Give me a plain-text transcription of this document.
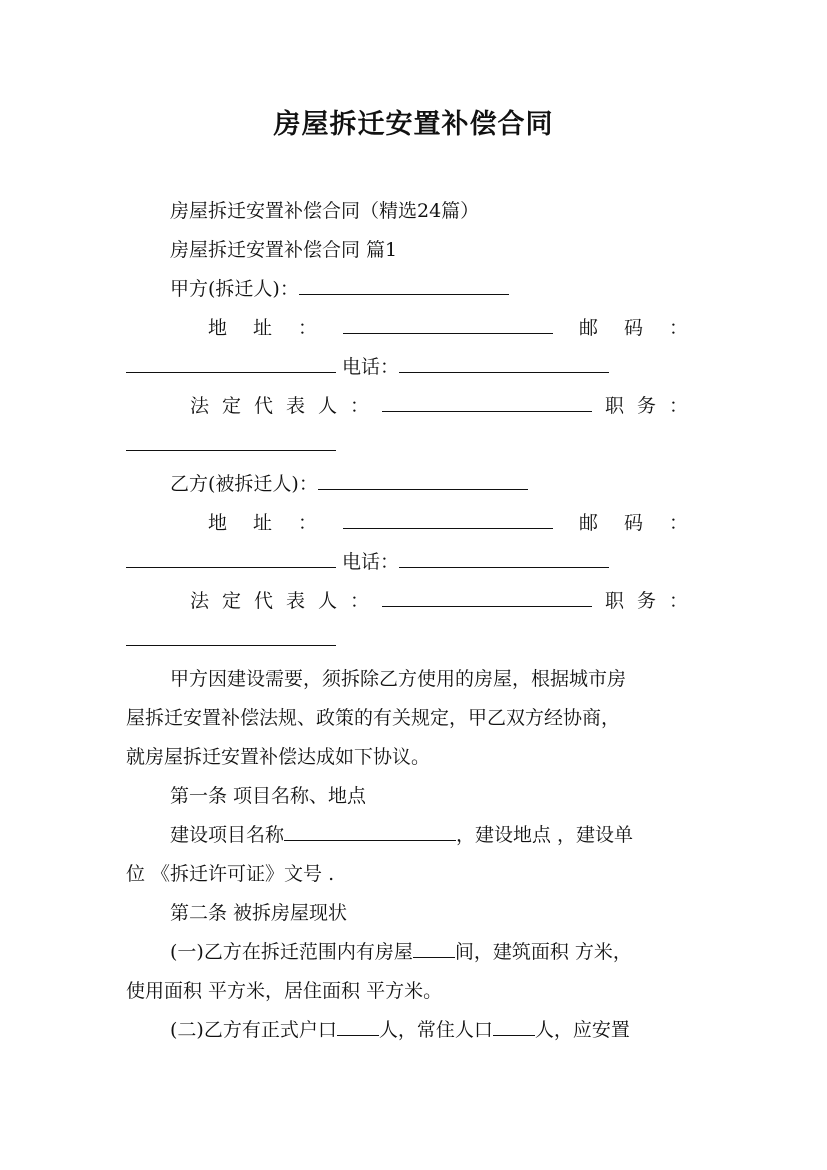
房屋拆迁安置补偿合同
房屋拆迁安置补偿合同（精选24篇）
房屋拆迁安置补偿合同 篇1
甲方(拆迁人)：
地 址 ：	邮 码 ：
电话：
法 定 代 表 人 ：	职 务 ：
乙方(被拆迁人)：
地 址 ：	邮 码 ：
电话：
法 定 代 表 人 ：	职 务 ：
甲方因建设需要，须拆除乙方使用的房屋，根据城市房
屋拆迁安置补偿法规、政策的有关规定，甲乙双方经协商，
就房屋拆迁安置补偿达成如下协议。
第一条 项目名称、地点
建设项目名称	，建设地点 ，建设单
位 《拆迁许可证》文号 .
第二条 被拆房屋现状
(一)乙方在拆迁范围内有房屋 间，建筑面积 方米，
使用面积 平方米，居住面积 平方米。
(二)乙方有正式户口 人，常住人口 人，应安置
